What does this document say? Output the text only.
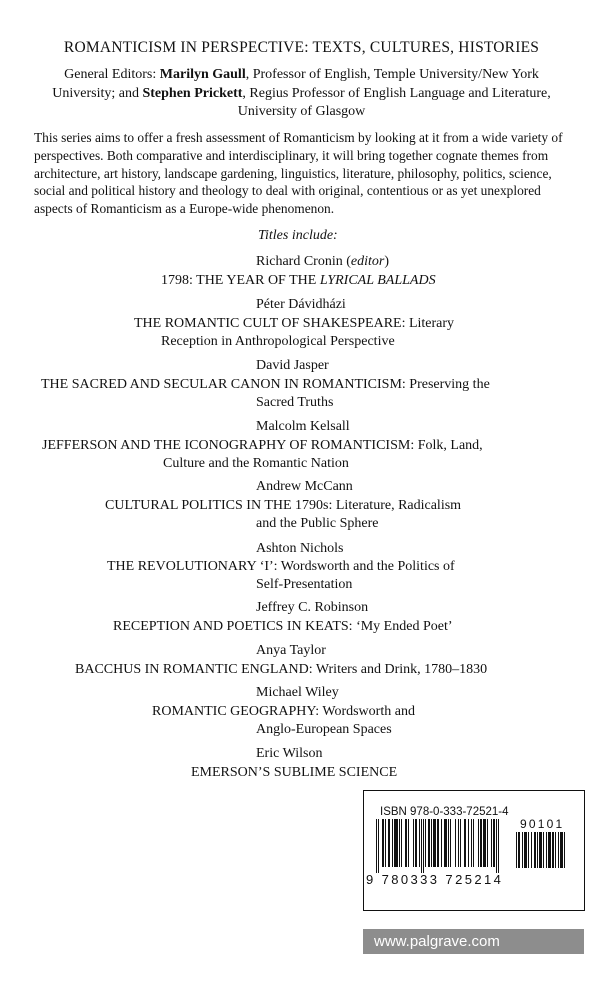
ROMANTICISM IN PERSPECTIVE: TEXTS, CULTURES, HISTORIES
General Editors: Marilyn Gaull, Professor of English, Temple University/New York University; and Stephen Prickett, Regius Professor of English Language and Literature, University of Glasgow
This series aims to offer a fresh assessment of Romanticism by looking at it from a wide variety of perspectives. Both comparative and interdisciplinary, it will bring together cognate themes from architecture, art history, landscape gardening, linguistics, literature, philosophy, politics, science, social and political history and theology to deal with original, contentious or as yet unexplored aspects of Romanticism as a Europe-wide phenomenon.
Titles include:
Richard Cronin (editor)
1798: THE YEAR OF THE LYRICAL BALLADS
Péter Dávidházi
THE ROMANTIC CULT OF SHAKESPEARE: Literary
Reception in Anthropological Perspective
David Jasper
THE SACRED AND SECULAR CANON IN ROMANTICISM: Preserving the
Sacred Truths
Malcolm Kelsall
JEFFERSON AND THE ICONOGRAPHY OF ROMANTICISM: Folk, Land,
Culture and the Romantic Nation
Andrew McCann
CULTURAL POLITICS IN THE 1790s: Literature, Radicalism
and the Public Sphere
Ashton Nichols
THE REVOLUTIONARY ‘I’: Wordsworth and the Politics of
Self-Presentation
Jeffrey C. Robinson
RECEPTION AND POETICS IN KEATS: ‘My Ended Poet’
Anya Taylor
BACCHUS IN ROMANTIC ENGLAND: Writers and Drink, 1780–1830
Michael Wiley
ROMANTIC GEOGRAPHY: Wordsworth and
Anglo-European Spaces
Eric Wilson
EMERSON’S SUBLIME SCIENCE
ISBN 978-0-333-72521-4
90101
9 780333 725214
www.palgrave.com
